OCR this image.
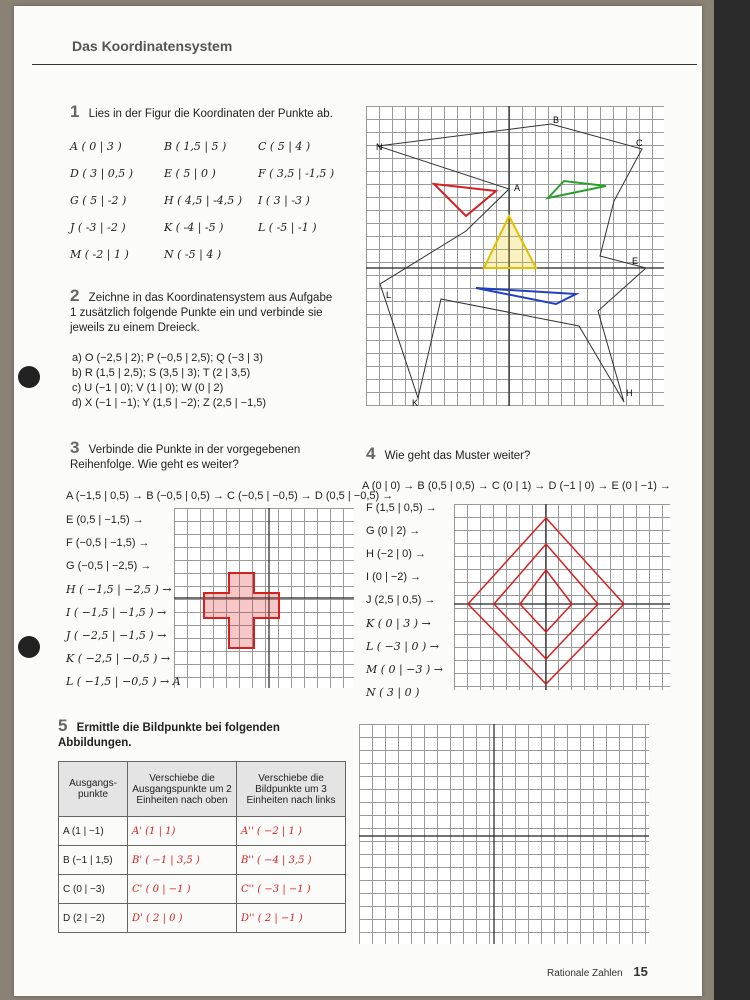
Das Koordinatensystem
1 Lies in der Figur die Koordinaten der Punkte ab.
N
B
C
A
E
L
K
H
2 Zeichne in das Koordinatensystem aus Aufgabe 1 zusätzlich folgende Punkte ein und verbinde sie jeweils zu einem Dreieck.
3 Verbinde die Punkte in der vorgegebenen Reihenfolge. Wie geht es weiter?
A (−1,5 | 0,5) → B (−0,5 | 0,5) → C (−0,5 | −0,5) → D (0,5 | −0,5) →
4 Wie geht das Muster weiter?
A (0 | 0) → B (0,5 | 0,5) → C (0 | 1) → D (−1 | 0) → E (0 | −1) →
5 Ermittle die Bildpunkte bei folgenden Abbildungen.
Ausgangs-punkte	Verschiebe die Ausgangspunkte um 2 Einheiten nach oben	Verschiebe die Bildpunkte um 3 Einheiten nach links
A (1 | −1)	A' (1 | 1)	A'' ( −2 | 1 )
B (−1 | 1,5)	B' ( −1 | 3,5 )	B'' ( −4 | 3,5 )
C (0 | −3)	C' ( 0 | −1 )	C'' ( −3 | −1 )
D (2 | −2)	D' ( 2 | 0 )	D'' ( 2 | −1 )
Rationale Zahlen 15
A ( 0 | 3 )	B ( 1,5 | 5 )	C ( 5 | 4 )
D ( 3 | 0,5 )	E ( 5 | 0 )	F ( 3,5 | -1,5 )
G ( 5 | -2 )	H ( 4,5 | -4,5 ) I ( 3 | -3 )
J ( -3 | -2 )	K ( -4 | -5 )	L ( -5 | -1 )
M ( -2 | 1 )	N ( -5 | 4 )
a) O (−2,5 | 2); P (−0,5 | 2,5); Q (−3 | 3)
b) R (1,5 | 2,5); S (3,5 | 3); T (2 | 3,5)
c) U (−1 | 0); V (1 | 0); W (0 | 2)
d) X (−1 | −1); Y (1,5 | −2); Z (2,5 | −1,5)
E (0,5 | −1,5) →
F (−0,5 | −1,5) →
G (−0,5 | −2,5) →
H ( −1,5 | −2,5 ) →
I ( −1,5 | −1,5 ) →
J ( −2,5 | −1,5 ) →
K ( −2,5 | −0,5 ) →
L ( −1,5 | −0,5 ) → A
F (1,5 | 0,5) →
G (0 | 2) →
H (−2 | 0) →
I (0 | −2) →
J (2,5 | 0,5) →
K ( 0 | 3 ) →
L ( −3 | 0 ) →
M ( 0 | −3 ) →
N ( 3 | 0 )
